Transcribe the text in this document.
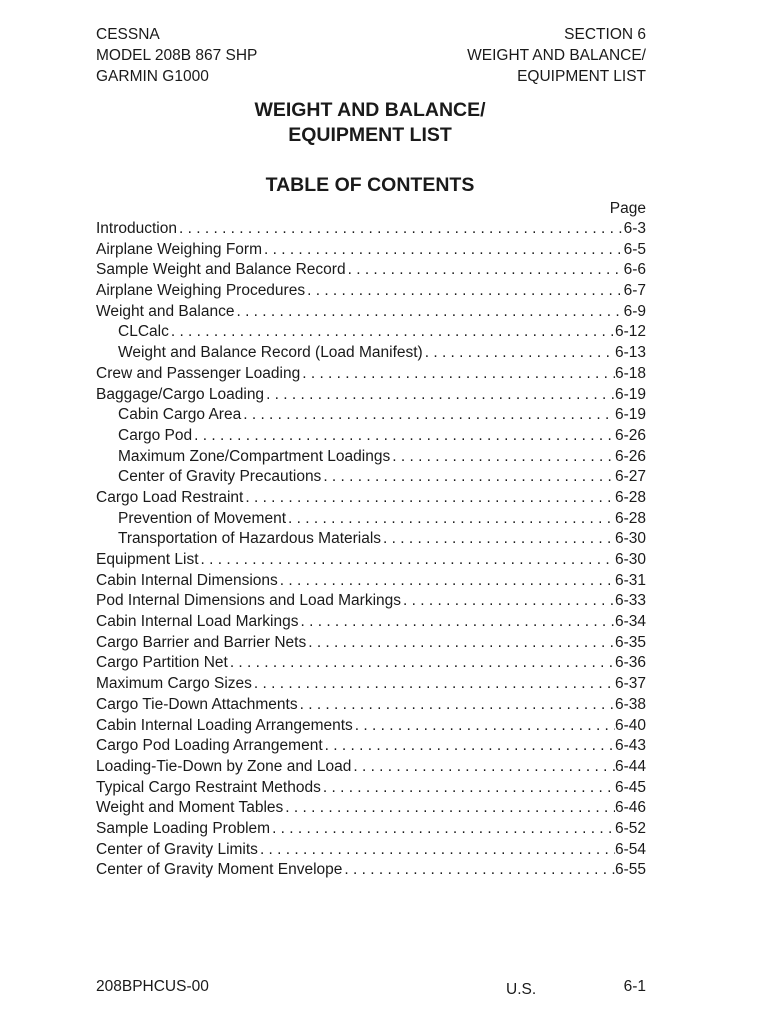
CESSNA
MODEL 208B 867 SHP
GARMIN G1000
SECTION 6
WEIGHT AND BALANCE/
EQUIPMENT LIST
WEIGHT AND BALANCE/
EQUIPMENT LIST
TABLE OF CONTENTS
Page
Introduction . . .	6-3
Airplane Weighing Form . . .	6-5
Sample Weight and Balance Record . . .	6-6
Airplane Weighing Procedures . . .	6-7
Weight and Balance . . .	6-9
CLCalc . . .	6-12
Weight and Balance Record (Load Manifest) . . .	6-13
Crew and Passenger Loading . . .	6-18
Baggage/Cargo Loading . . .	6-19
Cabin Cargo Area . . .	6-19
Cargo Pod . . .	6-26
Maximum Zone/Compartment Loadings . . .	6-26
Center of Gravity Precautions . . .	6-27
Cargo Load Restraint . . .	6-28
Prevention of Movement . . .	6-28
Transportation of Hazardous Materials . . .	6-30
Equipment List . . .	6-30
Cabin Internal Dimensions . . .	6-31
Pod Internal Dimensions and Load Markings . . .	6-33
Cabin Internal Load Markings . . .	6-34
Cargo Barrier and Barrier Nets . . .	6-35
Cargo Partition Net . . .	6-36
Maximum Cargo Sizes . . .	6-37
Cargo Tie-Down Attachments . . .	6-38
Cabin Internal Loading Arrangements . . .	6-40
Cargo Pod Loading Arrangement . . .	6-43
Loading-Tie-Down by Zone and Load . . .	6-44
Typical Cargo Restraint Methods . . .	6-45
Weight and Moment Tables . . .	6-46
Sample Loading Problem . . .	6-52
Center of Gravity Limits . . .	6-54
Center of Gravity Moment Envelope . . .	6-55
208BPHCUS-00	U.S.	6-1
